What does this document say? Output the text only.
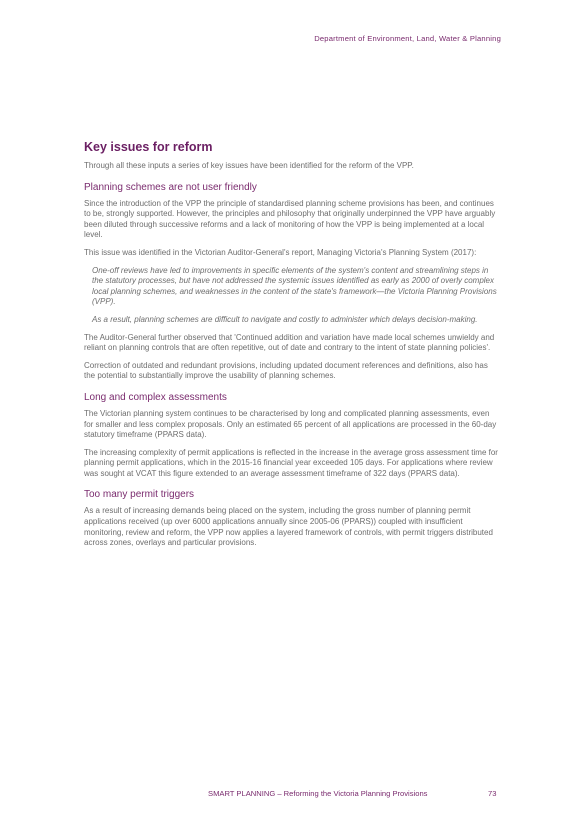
Department of Environment, Land, Water & Planning
Key issues for reform

Through all these inputs a series of key issues have been identified for the reform of the VPP.

Planning schemes are not user friendly

Since the introduction of the VPP the principle of standardised planning scheme provisions has been, and continues to be, strongly supported. However, the principles and philosophy that originally underpinned the VPP have arguably been diluted through successive reforms and a lack of monitoring of how the VPP is being implemented at a local level.

This issue was identified in the Victorian Auditor-General's report, Managing Victoria's Planning System (2017):

One-off reviews have led to improvements in specific elements of the system's content and streamlining steps in the statutory processes, but have not addressed the systemic issues identified as early as 2000 of overly complex local planning schemes, and weaknesses in the content of the state's framework—the Victoria Planning Provisions (VPP).

As a result, planning schemes are difficult to navigate and costly to administer which delays decision-making.

The Auditor-General further observed that 'Continued addition and variation have made local schemes unwieldy and reliant on planning controls that are often repetitive, out of date and contrary to the intent of state planning policies'.

Correction of outdated and redundant provisions, including updated document references and definitions, also has the potential to substantially improve the usability of planning schemes.

Long and complex assessments

The Victorian planning system continues to be characterised by long and complicated planning assessments, even for smaller and less complex proposals. Only an estimated 65 percent of all applications are processed in the 60-day statutory timeframe (PPARS data).

The increasing complexity of permit applications is reflected in the increase in the average gross assessment time for planning permit applications, which in the 2015-16 financial year exceeded 105 days. For applications where review was sought at VCAT this figure extended to an average assessment timeframe of 322 days (PPARS data).

Too many permit triggers

As a result of increasing demands being placed on the system, including the gross number of planning permit applications received (up over 6000 applications annually since 2005-06 (PPARS)) coupled with insufficient monitoring, review and reform, the VPP now applies a layered framework of controls, with permit triggers distributed across zones, overlays and particular provisions.

SMART PLANNING – Reforming the Victoria Planning Provisions	73
